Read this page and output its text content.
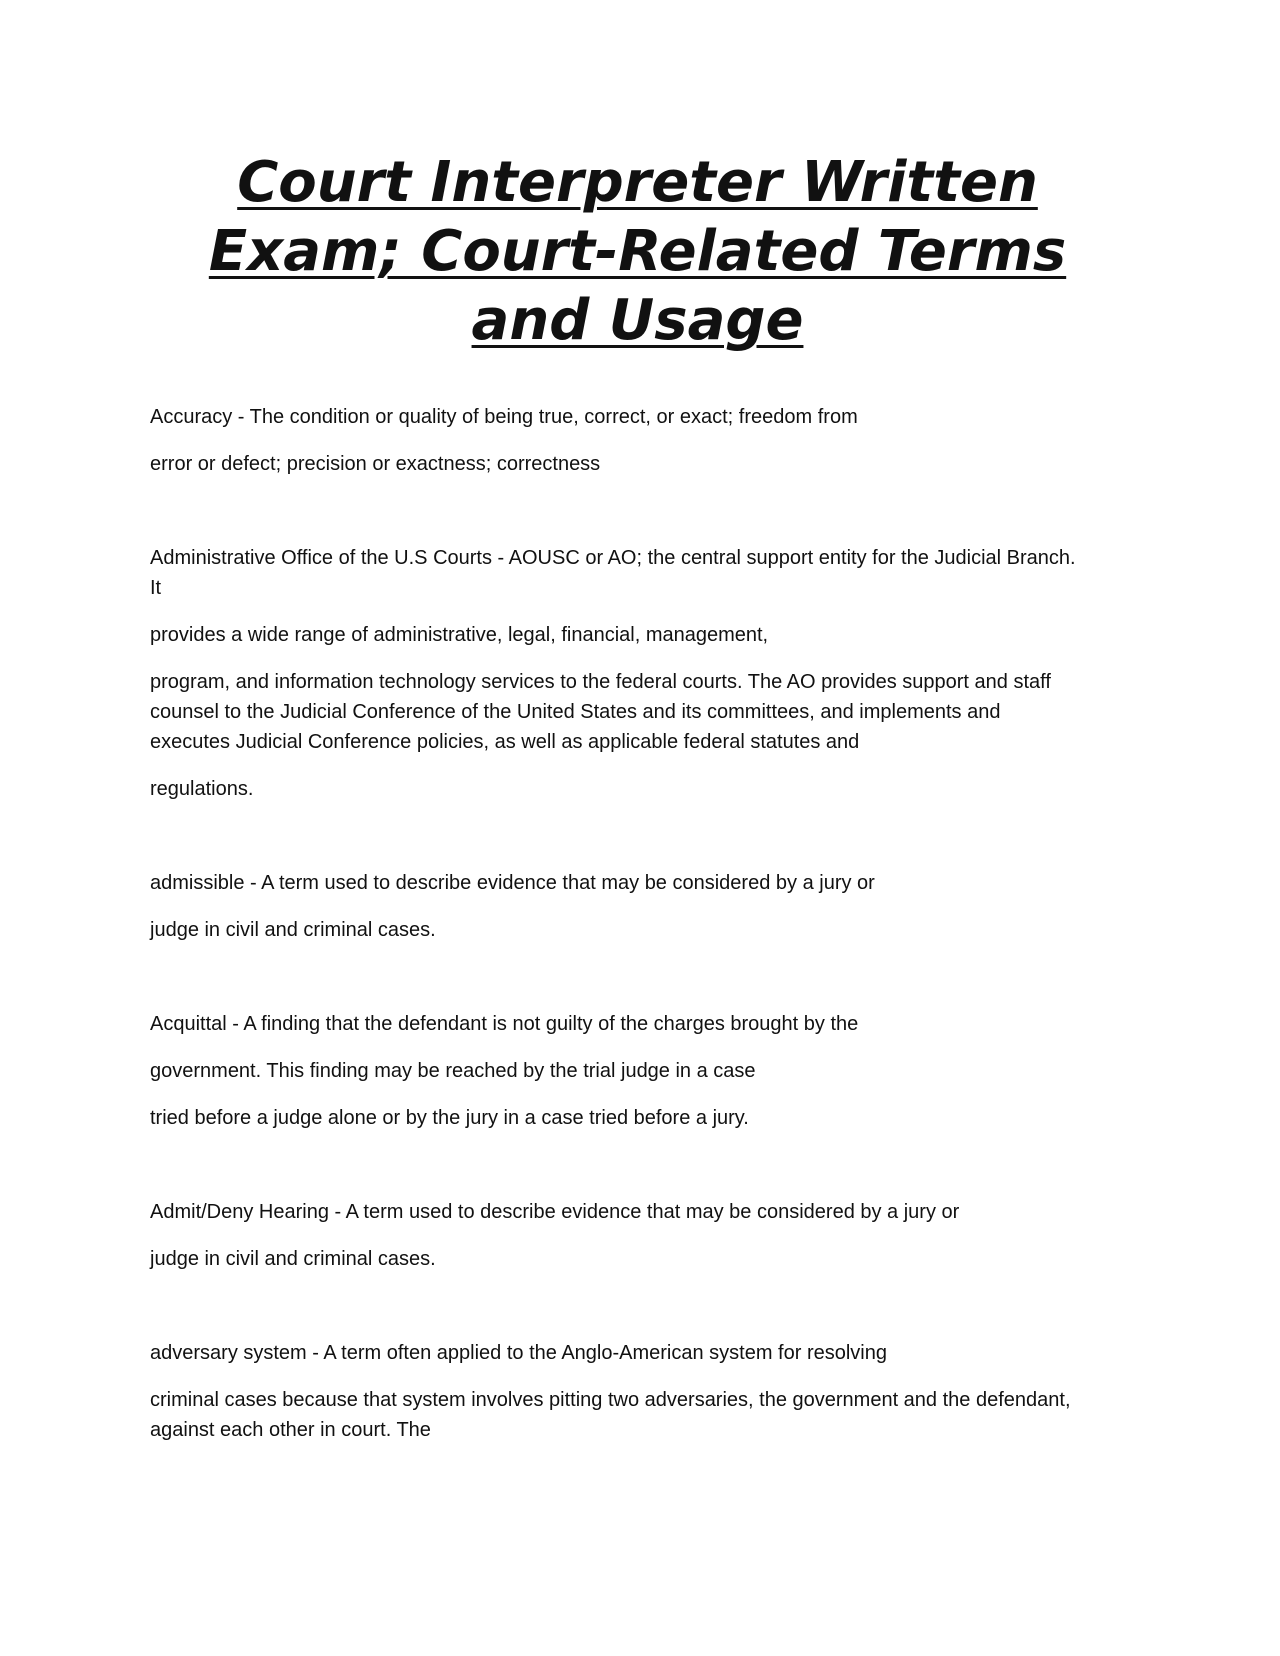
Court Interpreter Written
Exam; Court-Related Terms
and Usage

Accuracy - The condition or quality of being true, correct, or exact; freedom from

error or defect; precision or exactness; correctness

Administrative Office of the U.S Courts - AOUSC or AO; the central support entity for the Judicial Branch.

It

provides a wide range of administrative, legal, financial, management,

program, and information technology services to the federal courts. The AO provides support and staff

counsel to the Judicial Conference of the United States and its committees, and implements and

executes Judicial Conference policies, as well as applicable federal statutes and

regulations.

admissible - A term used to describe evidence that may be considered by a jury or

judge in civil and criminal cases.

Acquittal - A finding that the defendant is not guilty of the charges brought by the

government. This finding may be reached by the trial judge in a case

tried before a judge alone or by the jury in a case tried before a jury.

Admit/Deny Hearing - A term used to describe evidence that may be considered by a jury or

judge in civil and criminal cases.

adversary system - A term often applied to the Anglo-American system for resolving

criminal cases because that system involves pitting two adversaries, the government and the defendant,

against each other in court. The
